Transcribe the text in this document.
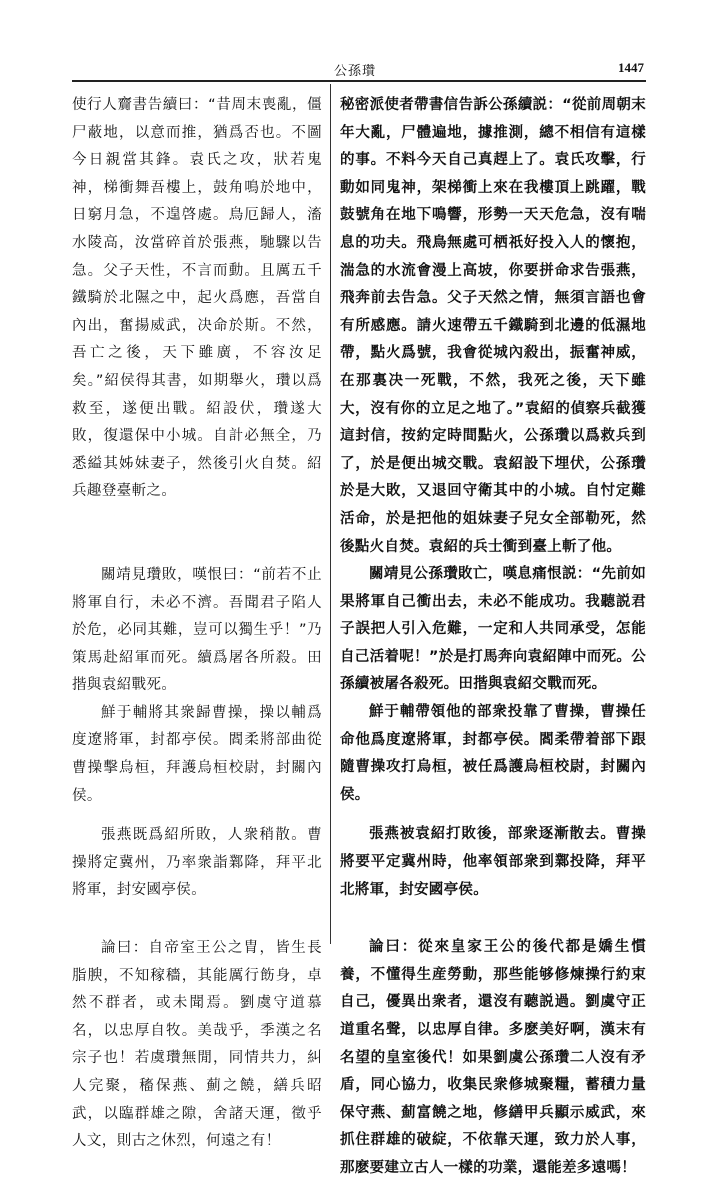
公孫瓚	1447

使行人齎書告續曰：“昔周末喪亂，僵尸蔽地，以意而推，猶爲否也。不圖今日親當其鋒。袁氏之攻，狀若鬼神，梯衝舞吾樓上，鼓角鳴於地中，日窮月急，不遑啓處。鳥厄歸人，滀水陵高，汝當碎首於張燕，馳驟以告急。父子天性，不言而動。且厲五千鐵騎於北隰之中，起火爲應，吾當自內出，奮揚威武，决命於斯。不然，吾亡之後，天下雖廣，不容汝足矣。”紹侯得其書，如期舉火，瓚以爲救至，遂便出戰。紹設伏，瓚遂大敗，復還保中小城。自計必無全，乃悉縊其姊妹妻子，然後引火自焚。紹兵趣登臺斬之。

關靖見瓚敗，嘆恨曰：“前若不止將軍自行，未必不濟。吾聞君子陷人於危，必同其難，豈可以獨生乎！”乃策馬赴紹軍而死。續爲屠各所殺。田揩與袁紹戰死。

鮮于輔將其衆歸曹操，操以輔爲度遼將軍，封都亭侯。閻柔將部曲從曹操擊烏桓，拜護烏桓校尉，封關內侯。

張燕既爲紹所敗，人衆稍散。曹操將定冀州，乃率衆詣鄴降，拜平北將軍，封安國亭侯。

論曰：自帝室王公之胄，皆生長脂腴，不知稼穡，其能厲行飭身，卓然不群者，或未聞焉。劉虞守道慕名，以忠厚自牧。美哉乎，季漢之名宗子也！若虞瓚無閒，同情共力，糾人完聚，稸保燕、薊之饒，繕兵昭武，以臨群雄之隙，舍諸天運，徵乎人文，則古之休烈，何遠之有！

秘密派使者帶書信告訴公孫續説：“從前周朝末年大亂，尸體遍地，據推測，總不相信有這樣的事。不料今天自己真趕上了。袁氏攻擊，行動如同鬼神，架梯衝上來在我樓頂上跳躍，戰鼓號角在地下鳴響，形勢一天天危急，沒有喘息的功夫。飛鳥無處可栖祇好投入人的懷抱，湍急的水流會漫上高坡，你要拼命求告張燕，飛奔前去告急。父子天然之情，無須言語也會有所感應。請火速帶五千鐵騎到北邊的低濕地帶，點火爲號，我會從城內殺出，振奮神威，在那裏决一死戰，不然，我死之後，天下雖大，沒有你的立足之地了。”袁紹的偵察兵截獲這封信，按約定時間點火，公孫瓚以爲救兵到了，於是便出城交戰。袁紹設下埋伏，公孫瓚於是大敗，又退回守衛其中的小城。自忖定難活命，於是把他的姐妹妻子兒女全部勒死，然後點火自焚。袁紹的兵士衝到臺上斬了他。

關靖見公孫瓚敗亡，嘆息痛恨説：“先前如果將軍自己衝出去，未必不能成功。我聽説君子誤把人引入危難，一定和人共同承受，怎能自己活着呢！”於是打馬奔向袁紹陣中而死。公孫續被屠各殺死。田揩與袁紹交戰而死。

鮮于輔帶領他的部衆投靠了曹操，曹操任命他爲度遼將軍，封都亭侯。閻柔帶着部下跟隨曹操攻打烏桓，被任爲護烏桓校尉，封關內侯。

張燕被袁紹打敗後，部衆逐漸散去。曹操將要平定冀州時，他率領部衆到鄴投降，拜平北將軍，封安國亭侯。

論曰：從來皇家王公的後代都是嬌生慣養，不懂得生産勞動，那些能够修煉操行約束自己，優異出衆者，還沒有聽説過。劉虞守正道重名聲，以忠厚自律。多麽美好啊，漢末有名望的皇室後代！如果劉虞公孫瓚二人沒有矛盾，同心協力，收集民衆修城聚糧，蓄積力量保守燕、薊富饒之地，修繕甲兵顯示威武，來抓住群雄的破綻，不依靠天運，致力於人事，那麽要建立古人一樣的功業，還能差多遠嗎！
